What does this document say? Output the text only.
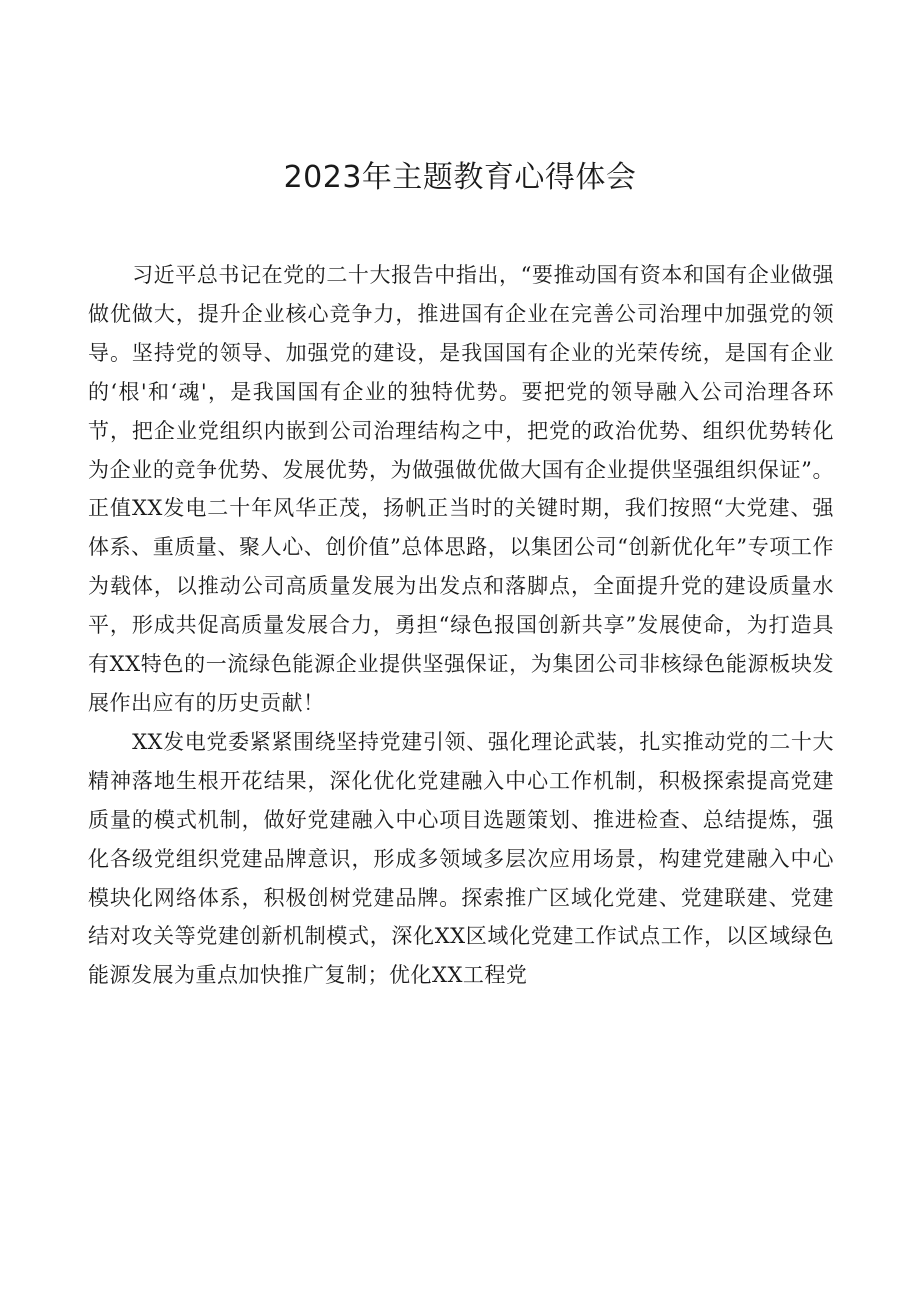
2023年主题教育心得体会

习近平总书记在党的二十大报告中指出，“要推动国有资本和国有企业做强做优做大，提升企业核心竞争力，推进国有企业在完善公司治理中加强党的领导。坚持党的领导、加强党的建设，是我国国有企业的光荣传统，是国有企业的‘根'和‘魂'，是我国国有企业的独特优势。要把党的领导融入公司治理各环节，把企业党组织内嵌到公司治理结构之中，把党的政治优势、组织优势转化为企业的竞争优势、发展优势，为做强做优做大国有企业提供坚强组织保证”。正值XX发电二十年风华正茂，扬帆正当时的关键时期，我们按照“大党建、强体系、重质量、聚人心、创价值”总体思路，以集团公司“创新优化年”专项工作为载体，以推动公司高质量发展为出发点和落脚点，全面提升党的建设质量水平，形成共促高质量发展合力，勇担“绿色报国创新共享”发展使命，为打造具有XX特色的一流绿色能源企业提供坚强保证，为集团公司非核绿色能源板块发展作出应有的历史贡献！

XX发电党委紧紧围绕坚持党建引领、强化理论武装，扎实推动党的二十大精神落地生根开花结果，深化优化党建融入中心工作机制，积极探索提高党建质量的模式机制，做好党建融入中心项目选题策划、推进检查、总结提炼，强化各级党组织党建品牌意识，形成多领域多层次应用场景，构建党建融入中心模块化网络体系，积极创树党建品牌。探索推广区域化党建、党建联建、党建结对攻关等党建创新机制模式，深化XX区域化党建工作试点工作，以区域绿色能源发展为重点加快推广复制；优化XX工程党
